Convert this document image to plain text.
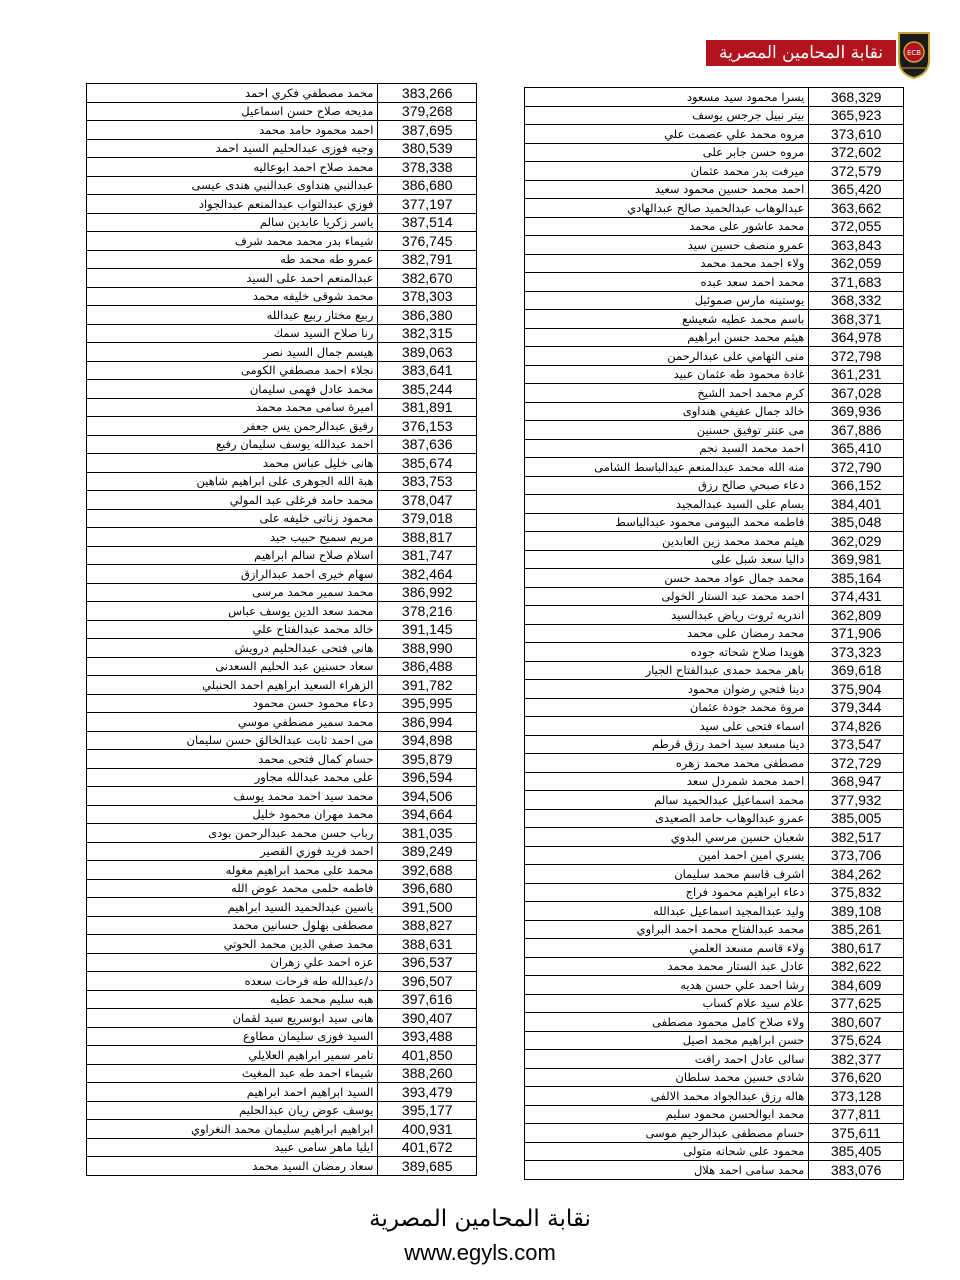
نقابة المحامين المصرية	ECB
محمد مصطفي فكري احمد	383,266
مديحه صلاح حسن اسماعيل	379,268
احمد محمود حامد محمد	387,695
وجيه فوزى عبدالحليم السيد احمد	380,539
محمد صلاح احمد ابوعاليه	378,338
عبدالنبي هنداوى عبدالنبي هندى عيسى	386,680
فوزي عبدالتواب عبدالمنعم عبدالجواد	377,197
ياسر زكريا عابدين سالم	387,514
شيماء بدر محمد محمد شرف	376,745
عمرو طه محمد طه	382,791
عبدالمنعم احمد على السيد	382,670
محمد شوقى خليفه محمد	378,303
ربيع مختار ربيع عبدالله	386,380
رنا صلاح السيد سمك	382,315
هيسم جمال السيد نصر	389,063
نجلاء احمد مصطفي الكومى	383,641
محمد عادل فهمى سليمان	385,244
اميرة سامى محمد محمد	381,891
رفيق عبدالرحمن يس جعفر	376,153
احمد عبدالله يوسف سليمان رفيع	387,636
هانى خليل عباس محمد	385,674
هبة الله الجوهرى على ابراهيم شاهين	383,753
محمد حامد فرغلى عبد المولي	378,047
محمود زناتى خليفه على	379,018
مريم سميح حبيب جيد	388,817
اسلام صلاح سالم ابراهيم	381,747
سهام خيرى احمد عبدالرازق	382,464
محمد سمير محمد مرسى	386,992
محمد سعد الدين يوسف عباس	378,216
خالد محمد عبدالفتاح علي	391,145
هانى فتحى عبدالحليم درويش	388,990
سعاد حسنين عبد الحليم السعدنى	386,488
الزهراء السعيد ابراهيم احمد الحنبلي	391,782
دعاء محمود حسن محمود	395,995
محمد سمير مصطفي موسي	386,994
مى احمد ثابت عبدالخالق حسن سليمان	394,898
حسام كمال فتحى محمد	395,879
على محمد عبدالله مجاور	396,594
محمد سيد احمد محمد يوسف	394,506
محمد مهران محمود خليل	394,664
رباب حسن محمد عبدالرحمن بودى	381,035
احمد فريد فوزي القصير	389,249
محمد على محمد ابراهيم مغوله	392,688
فاطمه حلمى محمد عوض الله	396,680
ياسين عبدالحميد السيد ابراهيم	391,500
مصطفى بهلول حسانين محمد	388,827
محمد صفي الدين محمد الحوتي	388,631
عزه احمد علي زهران	396,537
د/عبدالله طه فرحات سعده	396,507
هبه سليم محمد عطيه	397,616
هانى سيد ابوسريع سيد لقمان	390,407
السيد فوزى سليمان مطاوع	393,488
تامر سمير ابراهيم العلايلي	401,850
شيماء احمد طه عبد المغيث	388,260
السيد ابراهيم احمد ابراهيم	393,479
يوسف عوض ريان عبدالحليم	395,177
ابراهيم ابراهيم سليمان محمد النغراوي	400,931
ايليا ماهر سامى عبيد	401,672
سعاد رمضان السيد محمد	389,685
يسرا محمود سيد مسعود	368,329
بيتر نبيل جرجس يوسف	365,923
مروه محمد علي عصمت علي	373,610
مروه حسن جابر على	372,602
ميرفت بدر محمد عثمان	372,579
احمد محمد حسين محمود سعيد	365,420
عبدالوهاب عبدالحميد صالح عبدالهادي	363,662
محمد عاشور على محمد	372,055
عمرو منصف حسين سيد	363,843
ولاء احمد محمد محمد	362,059
محمد احمد سعد عبده	371,683
يوستينه مارس صموئيل	368,332
باسم محمد عطيه شعيشع	368,371
هيثم محمد حسن ابراهيم	364,978
منى التهامي على عبدالرحمن	372,798
غادة محمود طه عثمان عبيد	361,231
كرم محمد احمد الشيخ	367,028
خالد جمال عفيفي هنداوى	369,936
مى عنتر توفيق حسنين	367,886
احمد محمد السيد نجم	365,410
منه الله محمد عبدالمنعم عبدالباسط الشامى	372,790
دعاء صبحي صالح رزق	366,152
بسام على السيد عبدالمجيد	384,401
فاطمه محمد البيومى محمود عبدالباسط	385,048
هيثم محمد محمد زين العابدين	362,029
داليا سعد شبل على	369,981
محمد جمال عواد محمد حسن	385,164
احمد محمد عبد الستار الخولى	374,431
اندريه ثروت رياض عبدالسيد	362,809
محمد رمضان على محمد	371,906
هويدا صلاح شحاته جوده	373,323
باهر محمد حمدى عبدالفتاح الجيار	369,618
دينا فتحي رضوان محمود	375,904
مروة محمد جودة عثمان	379,344
اسماء فتحى على سيد	374,826
دينا مسعد سيد احمد رزق قرطم	373,547
مصطفى محمد محمد زهره	372,729
احمد محمد شمردل سعد	368,947
محمد اسماعيل عبدالحميد سالم	377,932
عمرو عبدالوهاب حامد الصعيدى	385,005
شعبان حسين مرسي البدوي	382,517
يسري امين احمد امين	373,706
اشرف قاسم محمد سليمان	384,262
دعاء ابراهيم محمود فراج	375,832
وليد عبدالمجيد اسماعيل عبدالله	389,108
محمد عبدالفتاح محمد احمد البراوي	385,261
ولاء قاسم مسعد العلمي	380,617
عادل عبد الستار محمد محمد	382,622
رشا احمد علي حسن هديه	384,609
علام سيد علام كساب	377,625
ولاء صلاح كامل محمود مصطفى	380,607
حسن ابراهيم محمد اصيل	375,624
سالى عادل احمد رافت	382,377
شادى حسين محمد سلطان	376,620
هاله رزق عبدالجواد محمد الالفى	373,128
محمد ابوالحسن محمود سليم	377,811
حسام مصطفى عبدالرحيم موسى	375,611
محمود على شحاته متولى	385,405
محمد سامى احمد هلال	383,076
نقابة المحامين المصرية
www.egyls.com
